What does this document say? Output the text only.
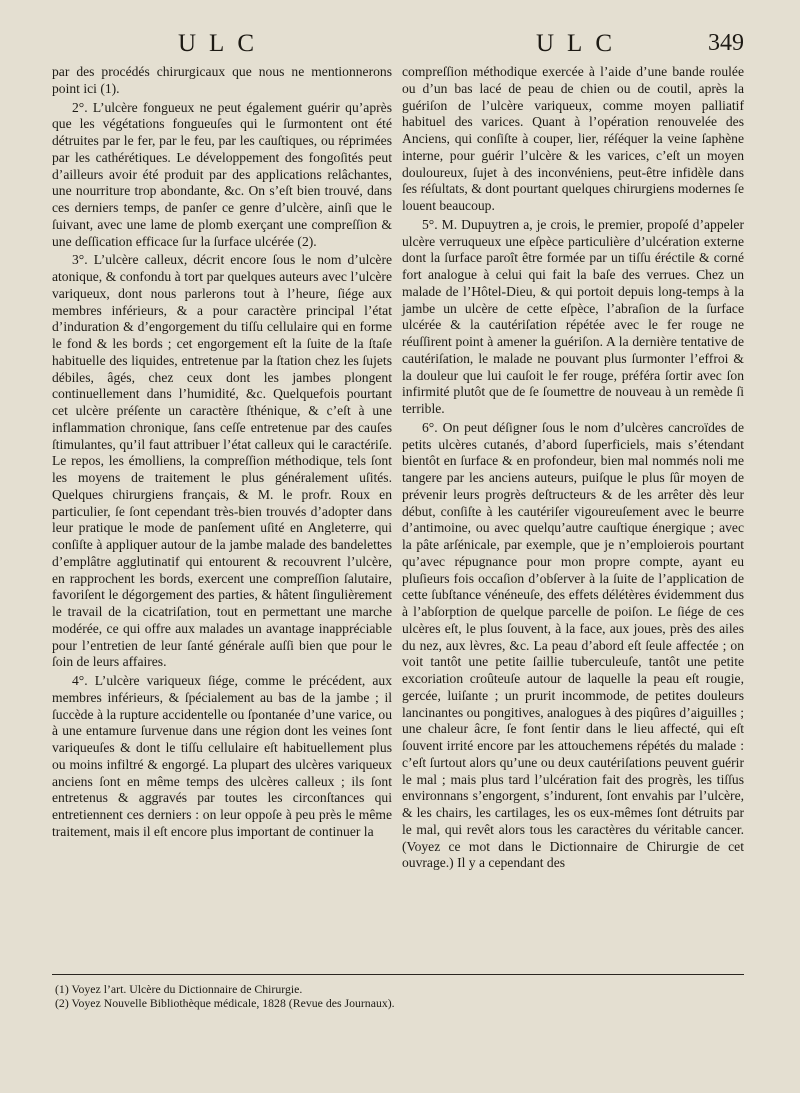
ULC	ULC	349

par des procédés chirurgicaux que nous ne mentionnerons point ici (1).

2°. L’ulcère fongueux ne peut également guérir qu’après que les végétations fongueuſes qui le ſurmontent ont été détruites par le fer, par le feu, par les cauſtiques, ou réprimées par les cathérétiques. Le développement des fongoſités peut d’ailleurs avoir été produit par des applications relâchantes, une nourriture trop abondante, &c. On s’eſt bien trouvé, dans ces derniers temps, de panſer ce genre d’ulcère, ainſi que le ſuivant, avec une lame de plomb exerçant une compreſſion & une deſſication efficace ſur la ſurface ulcérée (2).

3°. L’ulcère calleux, décrit encore ſous le nom d’ulcère atonique, & confondu à tort par quelques auteurs avec l’ulcère variqueux, dont nous parlerons tout à l’heure, ſiége aux membres inférieurs, & a pour caractère principal l’état d’induration & d’engorgement du tiſſu cellulaire qui en forme le fond & les bords ; cet engorgement eſt la ſuite de la ſtaſe habituelle des liquides, entretenue par la ſtation chez les ſujets débiles, âgés, chez ceux dont les jambes plongent continuellement dans l’humidité, &c. Quelquefois pourtant cet ulcère préſente un caractère ſthénique, & c’eſt à une inflammation chronique, ſans ceſſe entretenue par des cauſes ſtimulantes, qu’il faut attribuer l’état calleux qui le caractériſe. Le repos, les émolliens, la compreſſion méthodique, tels ſont les moyens de traitement le plus généralement uſités. Quelques chirurgiens français, & M. le profr. Roux en particulier, ſe ſont cependant très-bien trouvés d’adopter dans leur pratique le mode de panſement uſité en Angleterre, qui conſiſte à appliquer autour de la jambe malade des bandelettes d’emplâtre agglutinatif qui entourent & recouvrent l’ulcère, en rapprochent les bords, exercent une compreſſion ſalutaire, favoriſent le dégorgement des parties, & hâtent ſingulièrement le travail de la cicatriſation, tout en permettant une marche modérée, ce qui offre aux malades un avantage inappréciable pour l’entretien de leur ſanté générale auſſi bien que pour le ſoin de leurs affaires.

4°. L’ulcère variqueux ſiége, comme le précédent, aux membres inférieurs, & ſpécialement au bas de la jambe ; il ſuccède à la rupture accidentelle ou ſpontanée d’une varice, ou à une entamure ſurvenue dans une région dont les veines ſont variqueuſes & dont le tiſſu cellulaire eſt habituellement plus ou moins infiltré & engorgé. La plupart des ulcères variqueux anciens ſont en même temps des ulcères calleux ; ils ſont entretenus & aggravés par toutes les circonſtances qui entretiennent ces derniers : on leur oppoſe à peu près le même traitement, mais il eſt encore plus important de continuer la

compreſſion méthodique exercée à l’aide d’une bande roulée ou d’un bas lacé de peau de chien ou de coutil, après la guériſon de l’ulcère variqueux, comme moyen palliatif habituel des varices. Quant à l’opération renouvelée des Anciens, qui conſiſte à couper, lier, réſéquer la veine ſaphène interne, pour guérir l’ulcère & les varices, c’eſt un moyen douloureux, ſujet à des inconvéniens, peut-être infidèle dans ſes réſultats, & dont pourtant quelques chirurgiens modernes ſe louent beaucoup.

5°. M. Dupuytren a, je crois, le premier, propoſé d’appeler ulcère verruqueux une eſpèce particulière d’ulcération externe dont la ſurface paroît être formée par un tiſſu éréctile & corné fort analogue à celui qui fait la baſe des verrues. Chez un malade de l’Hôtel-Dieu, & qui portoit depuis long-temps à la jambe un ulcère de cette eſpèce, l’abraſion de la ſurface ulcérée & la cautériſation répétée avec le fer rouge ne réuſſirent point à amener la guériſon. A la dernière tentative de cautériſation, le malade ne pouvant plus ſurmonter l’effroi & la douleur que lui cauſoit le fer rouge, préféra ſortir avec ſon infirmité plutôt que de ſe ſoumettre de nouveau à un remède ſi terrible.

6°. On peut déſigner ſous le nom d’ulcères cancroïdes de petits ulcères cutanés, d’abord ſuperficiels, mais s’étendant bientôt en ſurface & en profondeur, bien mal nommés noli me tangere par les anciens auteurs, puiſque le plus ſûr moyen de prévenir leurs progrès deſtructeurs & de les arrêter dès leur début, conſiſte à les cautériſer vigoureuſement avec le beurre d’antimoine, ou avec quelqu’autre cauſtique énergique ; avec la pâte arſénicale, par exemple, que je n’emploierois pourtant qu’avec répugnance pour mon propre compte, ayant eu pluſieurs fois occaſion d’obſerver à la ſuite de l’application de cette ſubſtance vénéneuſe, des effets délétères évidemment dus à l’abſorption de quelque parcelle de poiſon. Le ſiége de ces ulcères eſt, le plus ſouvent, à la face, aux joues, près des ailes du nez, aux lèvres, &c. La peau d’abord eſt ſeule affectée ; on voit tantôt une petite ſaillie tuberculeuſe, tantôt une petite excoriation croûteuſe autour de laquelle la peau eſt rougie, gercée, luiſante ; un prurit incommode, de petites douleurs lancinantes ou pongitives, analogues à des piqûres d’aiguilles ; une chaleur âcre, ſe font ſentir dans le lieu affecté, qui eſt ſouvent irrité encore par les attouchemens répétés du malade : c’eſt ſurtout alors qu’une ou deux cautériſations peuvent guérir le mal ; mais plus tard l’ulcération fait des progrès, les tiſſus environnans s’engorgent, s’indurent, ſont envahis par l’ulcère, & les chairs, les cartilages, les os eux-mêmes ſont détruits par le mal, qui revêt alors tous les caractères du véritable cancer. (Voyez ce mot dans le Dictionnaire de Chirurgie de cet ouvrage.) Il y a cependant des

(1) Voyez l’art. Ulcère du Dictionnaire de Chirurgie.
(2) Voyez Nouvelle Bibliothèque médicale, 1828 (Revue des Journaux).
